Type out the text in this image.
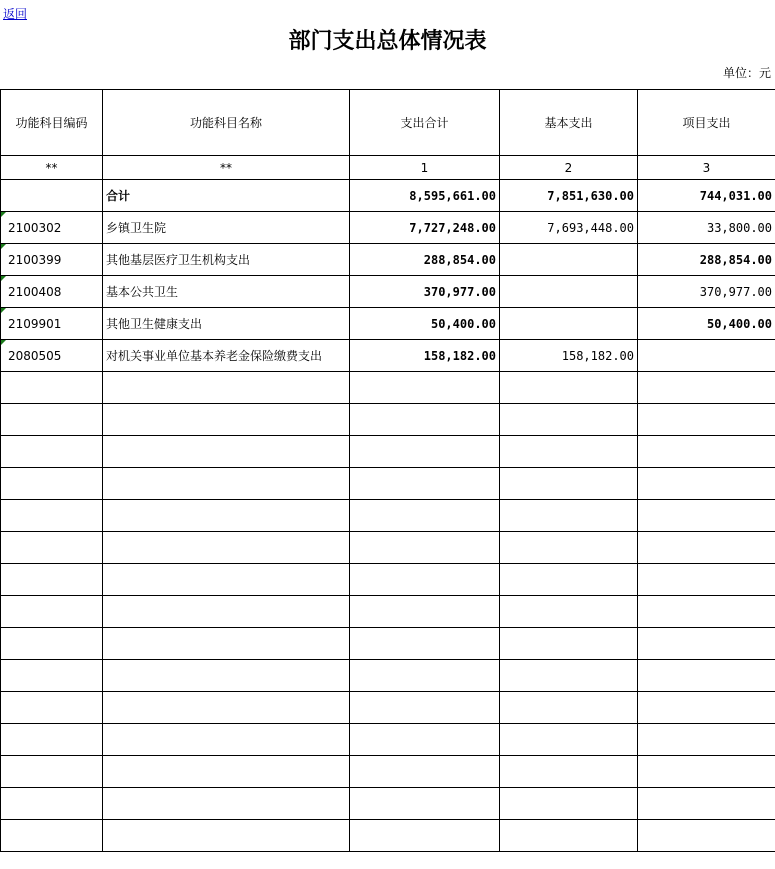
返回
部门支出总体情况表
单位：元
功能科目编码	功能科目名称	支出合计	基本支出	项目支出
**	**	1	2	3
	合计	8,595,661.00	7,851,630.00	744,031.00

2100302	乡镇卫生院	7,727,248.00	7,693,448.00	33,800.00

2100399	其他基层医疗卫生机构支出	288,854.00		288,854.00

2100408	基本公共卫生	370,977.00		370,977.00

2109901	其他卫生健康支出	50,400.00		50,400.00

2080505	对机关事业单位基本养老金保险缴费支出	158,182.00	158,182.00	
